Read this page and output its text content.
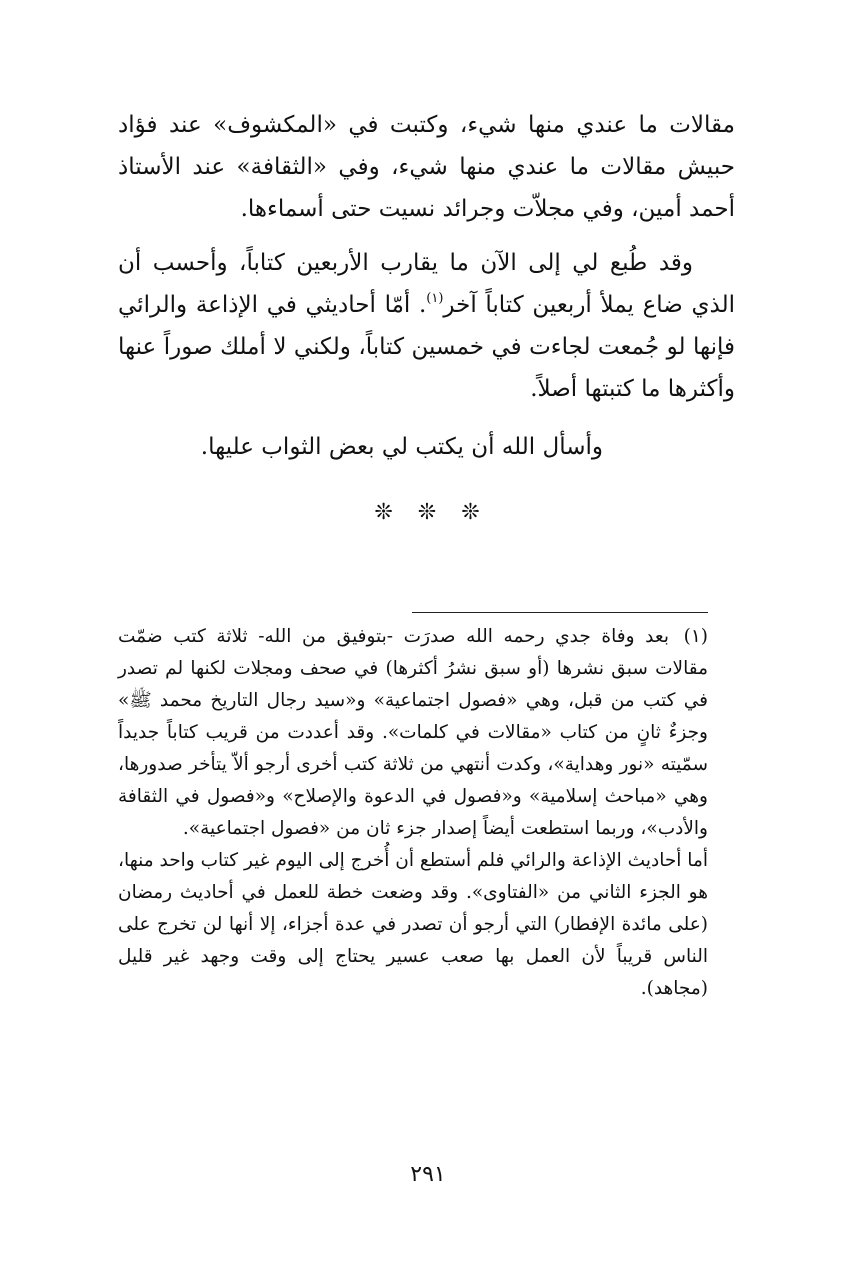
مقالات ما عندي منها شيء، وكتبت في «المكشوف» عند فؤاد حبيش مقالات ما عندي منها شيء، وفي «الثقافة» عند الأستاذ أحمد أمين، وفي مجلاّت وجرائد نسيت حتى أسماءها.

وقد طُبع لي إلى الآن ما يقارب الأربعين كتاباً، وأحسب أن الذي ضاع يملأ أربعين كتاباً آخر$^{(١)}$. أمّا أحاديثي في الإذاعة والرائي فإنها لو جُمعت لجاءت في خمسين كتاباً، ولكني لا أملك صوراً عنها وأكثرها ما كتبتها أصلاً.

وأسأل الله أن يكتب لي بعض الثواب عليها.

❊ ❊ ❊

(١) بعد وفاة جدي رحمه الله صدرَت -بتوفيق من الله- ثلاثة كتب ضمّت مقالات سبق نشرها (أو سبق نشرُ أكثرها) في صحف ومجلات لكنها لم تصدر في كتب من قبل، وهي «فصول اجتماعية» و«سيد رجال التاريخ محمد ﷺ» وجزءٌ ثانٍ من كتاب «مقالات في كلمات». وقد أعددت من قريب كتاباً جديداً سمّيته «نور وهداية»، وكدت أنتهي من ثلاثة كتب أخرى أرجو ألاّ يتأخر صدورها، وهي «مباحث إسلامية» و«فصول في الدعوة والإصلاح» و«فصول في الثقافة والأدب»، وربما استطعت أيضاً إصدار جزء ثان من «فصول اجتماعية».

أما أحاديث الإذاعة والرائي فلم أستطع أن أُخرج إلى اليوم غير كتاب واحد منها، هو الجزء الثاني من «الفتاوى». وقد وضعت خطة للعمل في أحاديث رمضان (على مائدة الإفطار) التي أرجو أن تصدر في عدة أجزاء، إلا أنها لن تخرج على الناس قريباً لأن العمل بها صعب عسير يحتاج إلى وقت وجهد غير قليل (مجاهد).

٢٩١
